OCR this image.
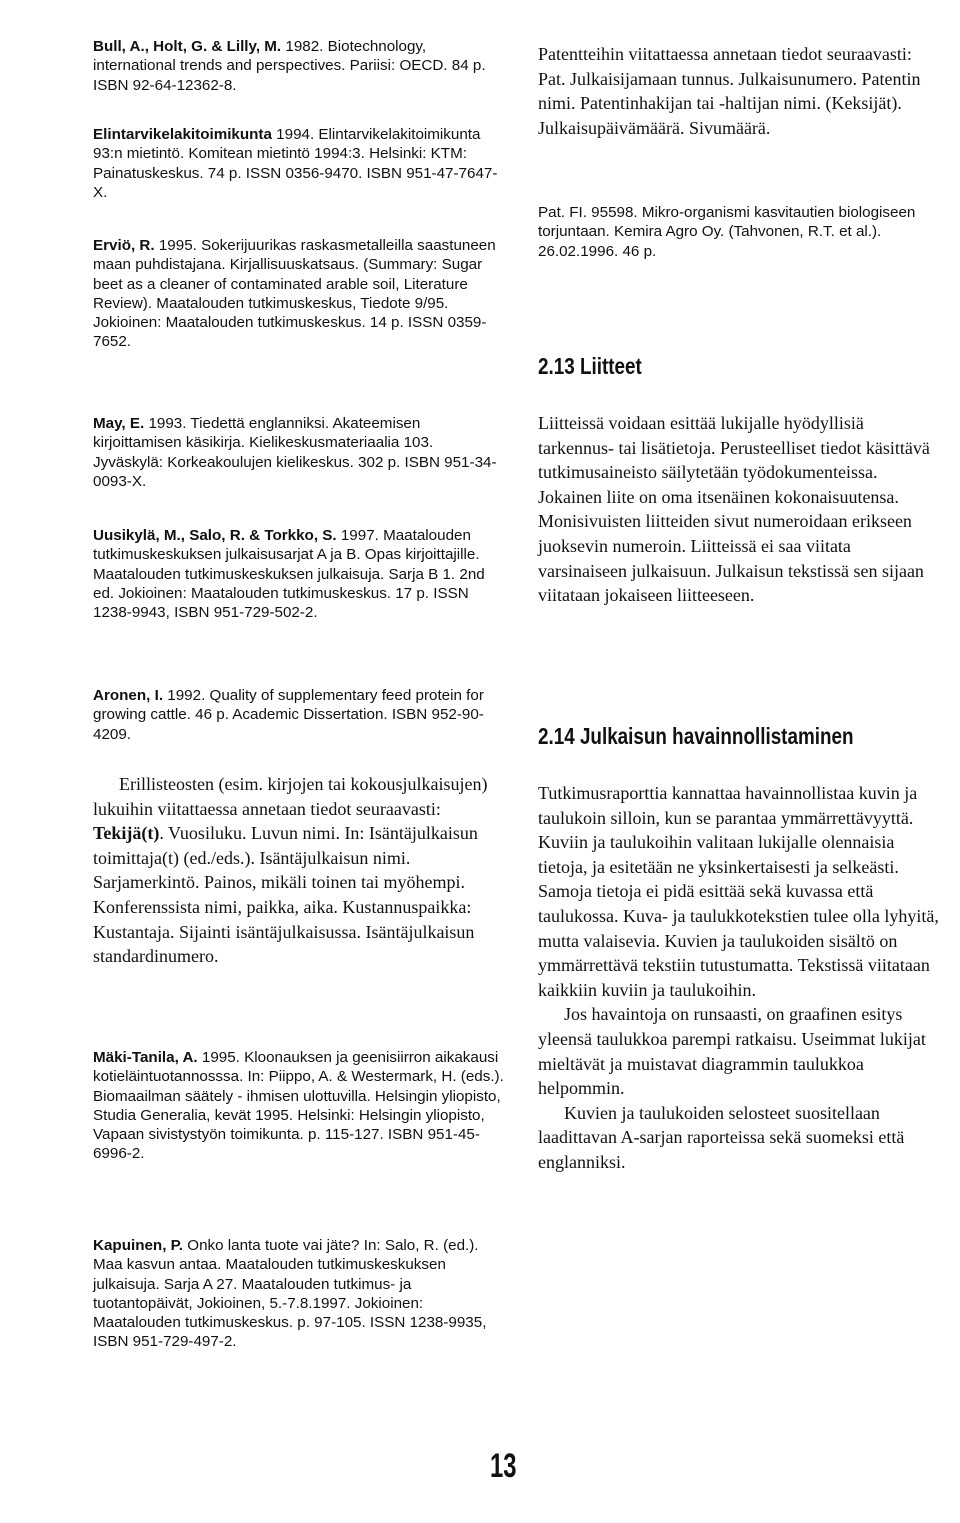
Bull, A., Holt, G. & Lilly, M. 1982. Biotechnology, international trends and perspectives. Pariisi: OECD. 84 p. ISBN 92-64-12362-8.

Elintarvikelakitoimikunta 1994. Elintarvikelakitoimikunta 93:n mietintö. Komitean mietintö 1994:3. Helsinki: KTM: Painatuskeskus. 74 p. ISSN 0356-9470. ISBN 951-47-7647-X.

Erviö, R. 1995. Sokerijuurikas raskasmetalleilla saastuneen maan puhdistajana. Kirjallisuuskatsaus. (Summary: Sugar beet as a cleaner of contaminated arable soil, Literature Review). Maatalouden tutkimuskeskus, Tiedote 9/95. Jokioinen: Maatalouden tutkimuskeskus. 14 p. ISSN 0359-7652.

May, E. 1993. Tiedettä englanniksi. Akateemisen kirjoittamisen käsikirja. Kielikeskusmateriaalia 103. Jyväskylä: Korkeakoulujen kielikeskus. 302 p. ISBN 951-34-0093-X.

Uusikylä, M., Salo, R. & Torkko, S. 1997. Maatalouden tutkimuskeskuksen julkaisusarjat A ja B. Opas kirjoittajille. Maatalouden tutkimuskeskuksen julkaisuja. Sarja B 1. 2nd ed. Jokioinen: Maatalouden tutkimuskeskus. 17 p. ISSN 1238-9943, ISBN 951-729-502-2.

Aronen, I. 1992. Quality of supplementary feed protein for growing cattle. 46 p. Academic Dissertation. ISBN 952-90-4209.

Erillisteosten (esim. kirjojen tai kokousjulkaisujen) lukuihin viitattaessa annetaan tiedot seuraavasti: Tekijä(t). Vuosiluku. Luvun nimi. In: Isäntäjulkaisun toimittaja(t) (ed./eds.). Isäntäjulkaisun nimi. Sarjamerkintö. Painos, mikäli toinen tai myöhempi. Konferenssista nimi, paikka, aika. Kustannuspaikka: Kustantaja. Sijainti isäntäjulkaisussa. Isäntäjulkaisun standardinumero.

Mäki-Tanila, A. 1995. Kloonauksen ja geenisiirron aikakausi kotieläintuotannosssa. In: Piippo, A. & Westermark, H. (eds.). Biomaailman säätely - ihmisen ulottuvilla. Helsingin yliopisto, Studia Generalia, kevät 1995. Helsinki: Helsingin yliopisto, Vapaan sivistystyön toimikunta. p. 115-127. ISBN 951-45-6996-2.

Kapuinen, P. Onko lanta tuote vai jäte? In: Salo, R. (ed.). Maa kasvun antaa. Maatalouden tutkimuskeskuksen julkaisuja. Sarja A 27. Maatalouden tutkimus- ja tuotantopäivät, Jokioinen, 5.-7.8.1997. Jokioinen: Maatalouden tutkimuskeskus. p. 97-105. ISSN 1238-9935, ISBN 951-729-497-2.

Patentteihin viitattaessa annetaan tiedot seuraavasti: Pat. Julkaisijamaan tunnus. Julkaisunumero. Patentin nimi. Patentinhakijan tai -haltijan nimi. (Keksijät). Julkaisupäivämäärä. Sivumäärä.

Pat. FI. 95598. Mikro-organismi kasvitautien biologiseen torjuntaan. Kemira Agro Oy. (Tahvonen, R.T. et al.). 26.02.1996. 46 p.
2.13 Liitteet

Liitteissä voidaan esittää lukijalle hyödyllisiä tarkennus- tai lisätietoja. Perusteelliset tiedot käsittävä tutkimusaineisto säilytetään työdokumenteissa. Jokainen liite on oma itsenäinen kokonaisuutensa. Monisivuisten liitteiden sivut numeroidaan erikseen juoksevin numeroin. Liitteissä ei saa viitata varsinaiseen julkaisuun. Julkaisun tekstissä sen sijaan viitataan jokaiseen liitteeseen.

2.14 Julkaisun havainnollistaminen

Tutkimusraporttia kannattaa havainnollistaa kuvin ja taulukoin silloin, kun se parantaa ymmärrettävyyttä. Kuviin ja taulukoihin valitaan lukijalle olennaisia tietoja, ja esitetään ne yksinkertaisesti ja selkeästi. Samoja tietoja ei pidä esittää sekä kuvassa että taulukossa. Kuva- ja taulukkotekstien tulee olla lyhyitä, mutta valaisevia. Kuvien ja taulukoiden sisältö on ymmärrettävä tekstiin tutustumatta. Tekstissä viitataan kaikkiin kuviin ja taulukoihin.

Jos havaintoja on runsaasti, on graafinen esitys yleensä taulukkoa parempi ratkaisu. Useimmat lukijat mieltävät ja muistavat diagrammin taulukkoa helpommin.

Kuvien ja taulukoiden selosteet suositellaan laadittavan A-sarjan raporteissa sekä suomeksi että englanniksi.

13
